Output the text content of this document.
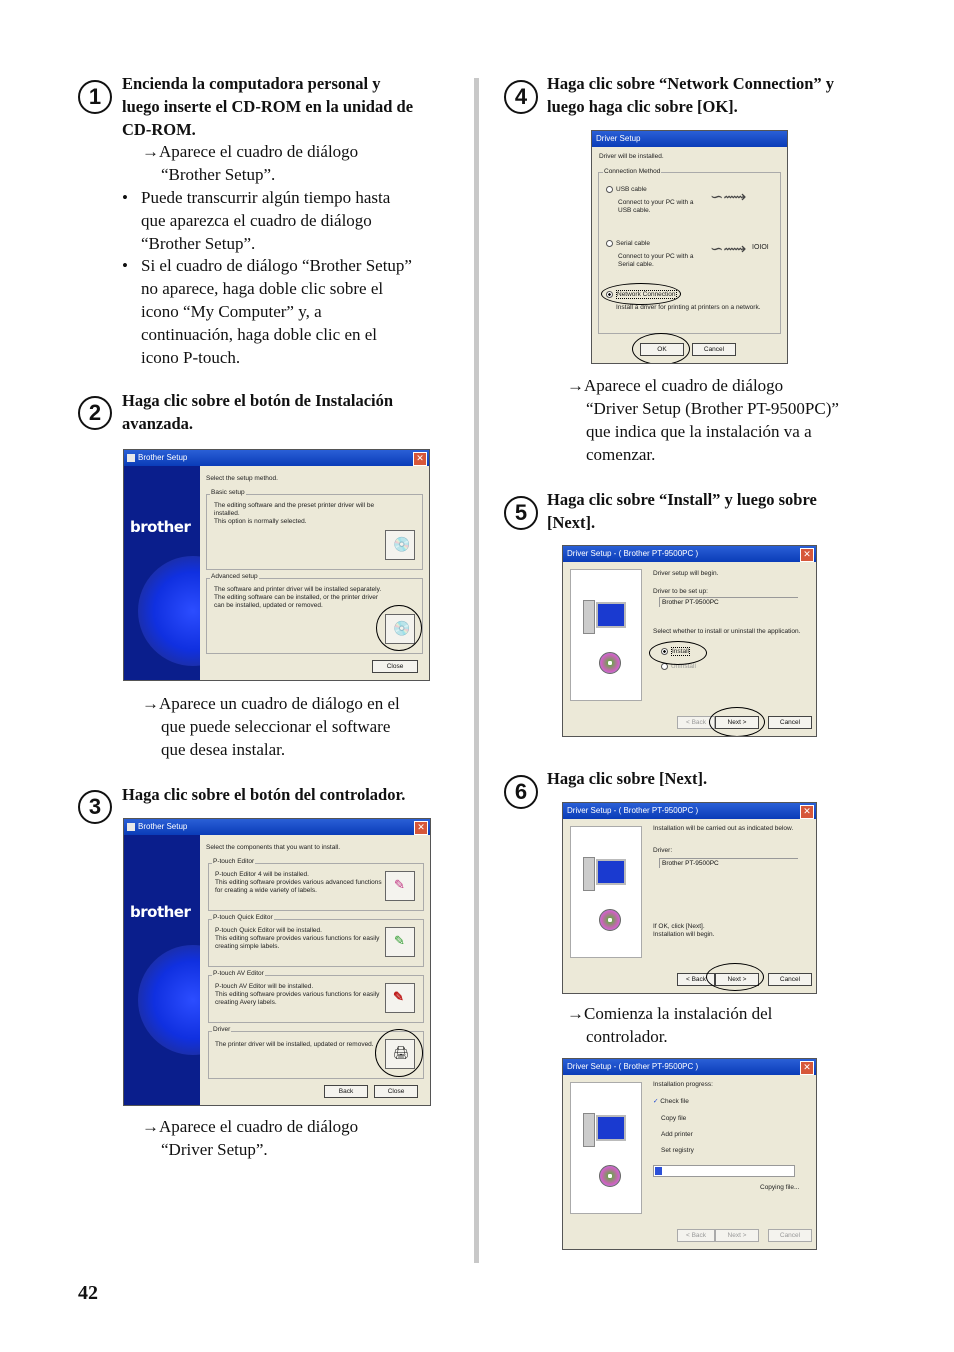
1
Encienda la computadora personal y
luego inserte el CD-ROM en la unidad de
CD-ROM.
→Aparece el cuadro de diálogo
“Brother Setup”.
• Puede transcurrir algún tiempo hasta
que aparezca el cuadro de diálogo
“Brother Setup”.
• Si el cuadro de diálogo “Brother Setup”
no aparece, haga doble clic sobre el
icono “My Computer” y, a
continuación, haga doble clic en el
icono P-touch.
2	Haga clic sobre el botón de Instalación
avanzada.
Brother Setup	✕
brother
Select the setup method.
Basic setup
The editing software and the preset printer driver will be
installed.
This option is normally selected.
💿
Advanced setup
The software and printer driver will be installed separately.
The editing software can be installed, or the printer driver
can be installed, updated or removed.
💿
Close
→Aparece un cuadro de diálogo en el
que puede seleccionar el software
que desea instalar.
3	Haga clic sobre el botón del controlador.
Brother Setup	✕
brother
Select the components that you want to install.
P-touch Editor
P-touch Editor 4 will be installed.
This editing software provides various advanced functions
for creating a wide variety of labels.	✎
P-touch Quick Editor
P-touch Quick Editor will be installed.
This editing software provides various functions for easily
creating simple labels.	✎
P-touch AV Editor
P-touch AV Editor will be installed.
This editing software provides various functions for easily
creating Avery labels.	✎
Driver
The printer driver will be installed, updated or removed.
🖨
Back	Close
→Aparece el cuadro de diálogo
“Driver Setup”.
4
Haga clic sobre “Network Connection” y
luego haga clic sobre [OK].
Driver Setup
Driver will be installed.
Connection Method
USB cable
Connect to your PC with a
USB cable.
∽⟿
Serial cable
Connect to your PC with a
Serial cable.
∽⟿ IOIOI
Network Connection
Install a driver for printing at printers on a network.
OK	Cancel
→Aparece el cuadro de diálogo
“Driver Setup (Brother PT-9500PC)”
que indica que la instalación va a
comenzar.
5
Haga clic sobre “Install” y luego sobre
[Next].
Driver Setup - ( Brother PT-9500PC )	✕
Driver setup will begin.
Driver to be set up:
Brother PT-9500PC
Select whether to install or uninstall the application.
Install
Uninstall
< Back	Next >	Cancel
6
Haga clic sobre [Next].
Driver Setup - ( Brother PT-9500PC )	✕
Installation will be carried out as indicated below.
Driver:
Brother PT-9500PC
If OK, click [Next].
Installation will begin.
< Back	Next >	Cancel
→Comienza la instalación del
controlador.
Driver Setup - ( Brother PT-9500PC )	✕
Installation progress:
✓ Check file
Copy file
Add printer
Set registry
Copying file...
< Back	Next >	Cancel
42
